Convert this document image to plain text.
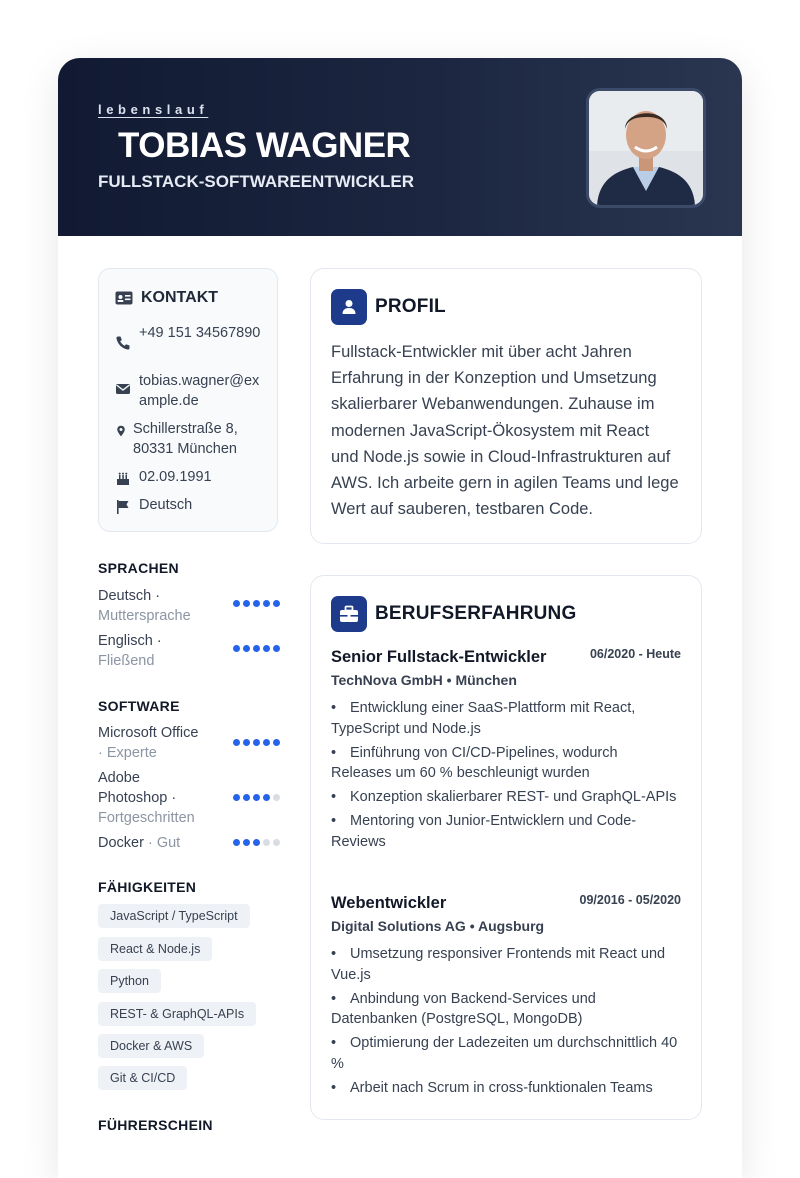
lebenslauf
TOBIAS WAGNER
FULLSTACK-SOFTWAREENTWICKLER
KONTAKT
+49 151 34567890
tobias.wagner@example.de
Schillerstraße 8, 80331 München
02.09.1991
Deutsch
SPRACHEN
Deutsch ·
Muttersprache
Englisch ·
Fließend
SOFTWARE
Microsoft Office
· Experte
Adobe Photoshop ·
Fortgeschritten
Docker · Gut
FÄHIGKEITEN
JavaScript / TypeScript
React & Node.js
Python
REST- & GraphQL-APIs
Docker & AWS
Git & CI/CD
FÜHRERSCHEIN
PROFIL
Fullstack-Entwickler mit über acht Jahren Erfahrung in der Konzeption und Umsetzung skalierbarer Webanwendungen. Zuhause im modernen JavaScript-Ökosystem mit React und Node.js sowie in Cloud-Infrastrukturen auf AWS. Ich arbeite gern in agilen Teams und lege Wert auf sauberen, testbaren Code.
BERUFSERFAHRUNG
Senior Fullstack-Entwickler	06/2020 - Heute
TechNova GmbH • München
• Entwicklung einer SaaS-Plattform mit React, TypeScript und Node.js
• Einführung von CI/CD-Pipelines, wodurch Releases um 60 % beschleunigt wurden
• Konzeption skalierbarer REST- und GraphQL-APIs
• Mentoring von Junior-Entwicklern und Code-Reviews
Webentwickler	09/2016 - 05/2020
Digital Solutions AG • Augsburg
• Umsetzung responsiver Frontends mit React und Vue.js
• Anbindung von Backend-Services und Datenbanken (PostgreSQL, MongoDB)
• Optimierung der Ladezeiten um durchschnittlich 40 %
• Arbeit nach Scrum in cross-funktionalen Teams
